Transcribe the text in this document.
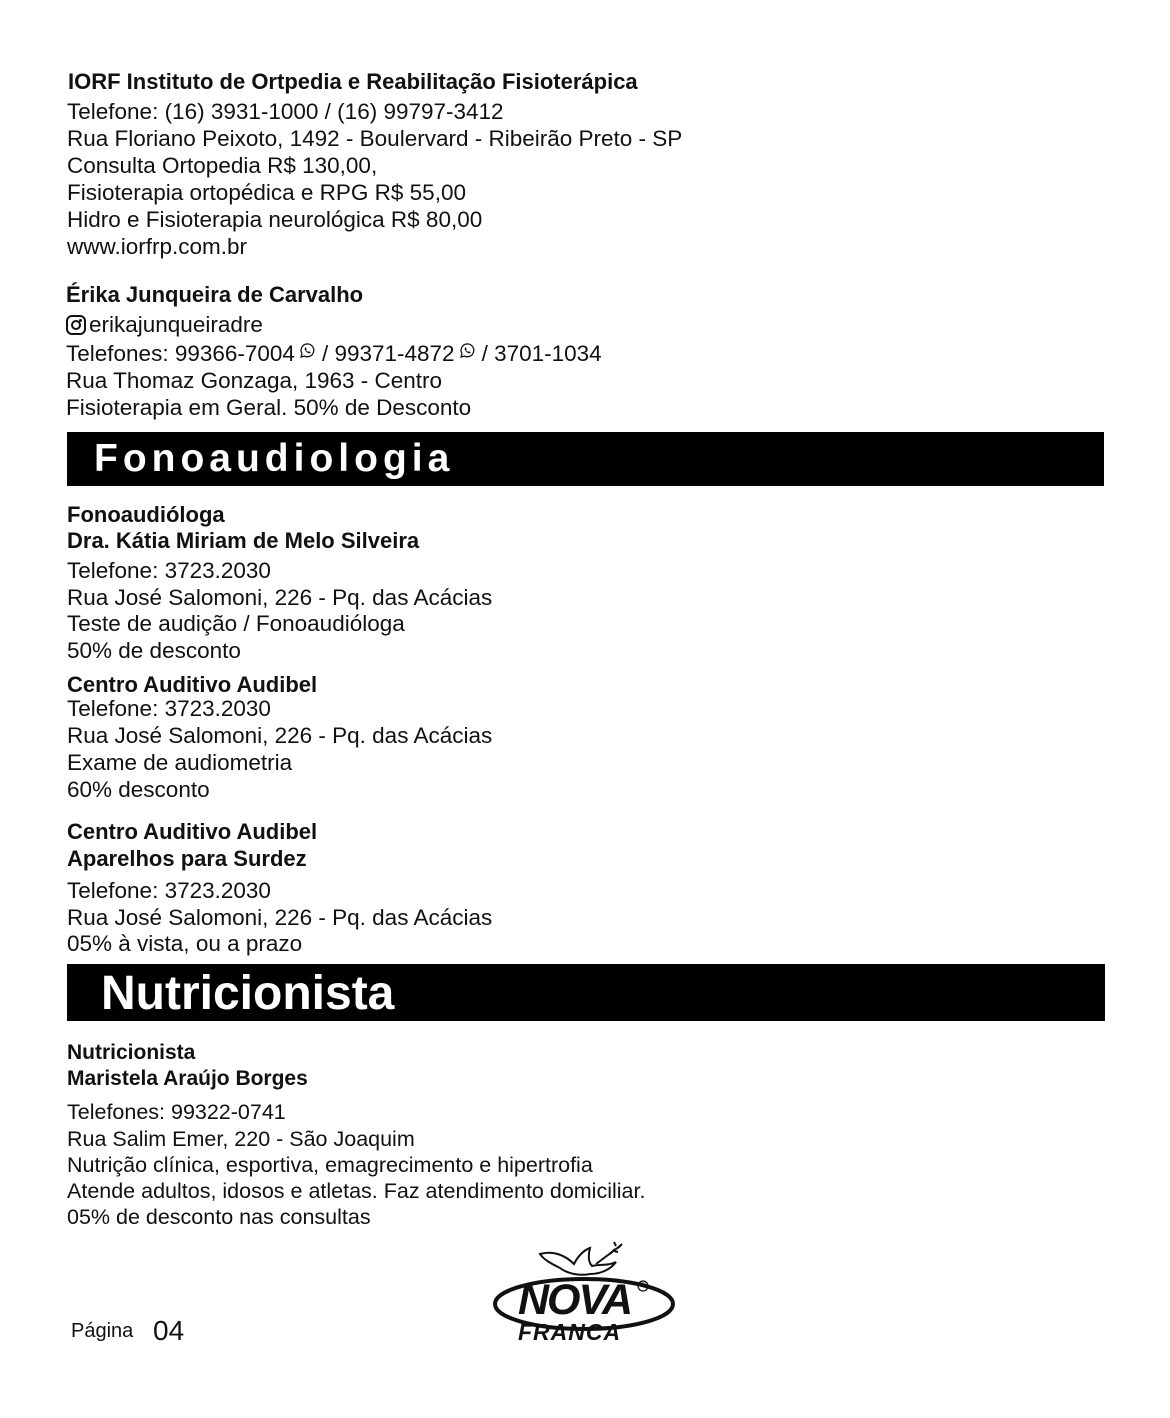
IORF Instituto de Ortpedia e Reabilitação Fisioterápica
Telefone: (16) 3931-1000 / (16) 99797-3412
Rua Floriano Peixoto, 1492 - Boulervard - Ribeirão Preto - SP
Consulta Ortopedia R$ 130,00,
Fisioterapia ortopédica e RPG R$ 55,00
Hidro e Fisioterapia neurológica R$ 80,00
www.iorfrp.com.br
Érika Junqueira de Carvalho
erikajunqueiradre
Telefones: 99366-7004 / 99371-4872 / 3701-1034
Rua Thomaz Gonzaga, 1963 - Centro
Fisioterapia em Geral. 50% de Desconto
Fonoaudiologia
Fonoaudióloga
Dra. Kátia Miriam de Melo Silveira
Telefone: 3723.2030
Rua José Salomoni, 226 - Pq. das Acácias
Teste de audição / Fonoaudióloga
50% de desconto
Centro Auditivo Audibel
Telefone: 3723.2030
Rua José Salomoni, 226 - Pq. das Acácias
Exame de audiometria
60% desconto
Centro Auditivo Audibel
Aparelhos para Surdez
Telefone: 3723.2030
Rua José Salomoni, 226 - Pq. das Acácias
05% à vista, ou a prazo
Nutricionista
Nutricionista
Maristela Araújo Borges
Telefones: 99322-0741
Rua Salim Emer, 220 - São Joaquim
Nutrição clínica, esportiva, emagrecimento e hipertrofia
Atende adultos, idosos e atletas. Faz atendimento domiciliar.
05% de desconto nas consultas
Página 04
NOVA ®
FRANCA
